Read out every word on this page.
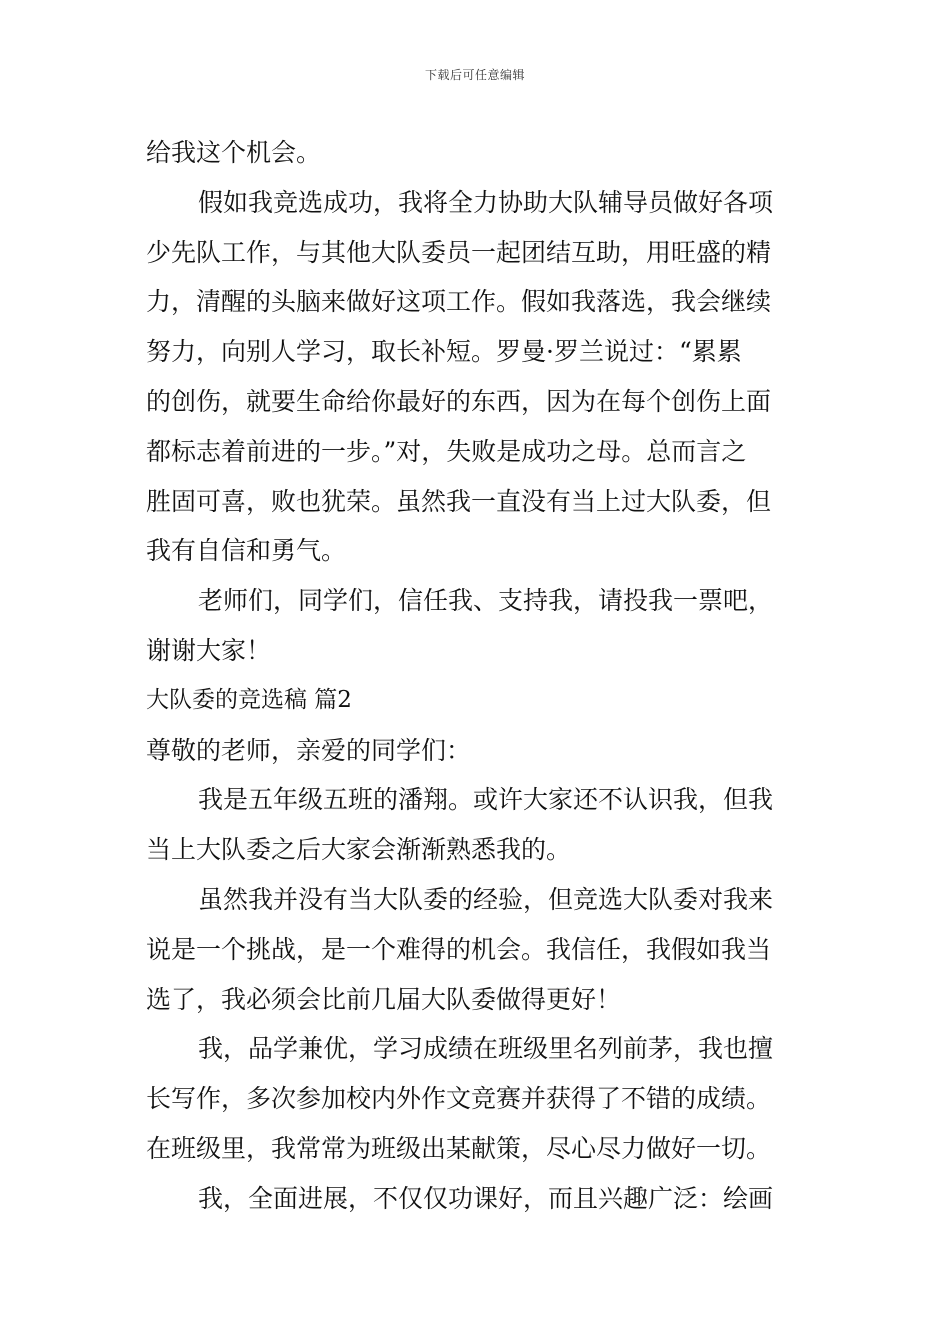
下载后可任意编辑
给我这个机会。
假如我竞选成功，我将全力协助大队辅导员做好各项
少先队工作，与其他大队委员一起团结互助，用旺盛的精
力，清醒的头脑来做好这项工作。假如我落选，我会继续
努力，向别人学习，取长补短。罗曼·罗兰说过：“累累
的创伤，就要生命给你最好的东西，因为在每个创伤上面
都标志着前进的一步。”对，失败是成功之母。总而言之
胜固可喜，败也犹荣。虽然我一直没有当上过大队委，但
我有自信和勇气。
老师们，同学们，信任我、支持我，请投我一票吧，
谢谢大家！
大队委的竞选稿 篇2
尊敬的老师，亲爱的同学们：
我是五年级五班的潘翔。或许大家还不认识我，但我
当上大队委之后大家会渐渐熟悉我的。
虽然我并没有当大队委的经验，但竞选大队委对我来
说是一个挑战，是一个难得的机会。我信任，我假如我当
选了，我必须会比前几届大队委做得更好！
我，品学兼优，学习成绩在班级里名列前茅，我也擅
长写作，多次参加校内外作文竞赛并获得了不错的成绩。
在班级里，我常常为班级出某献策，尽心尽力做好一切。
我，全面进展，不仅仅功课好，而且兴趣广泛：绘画
